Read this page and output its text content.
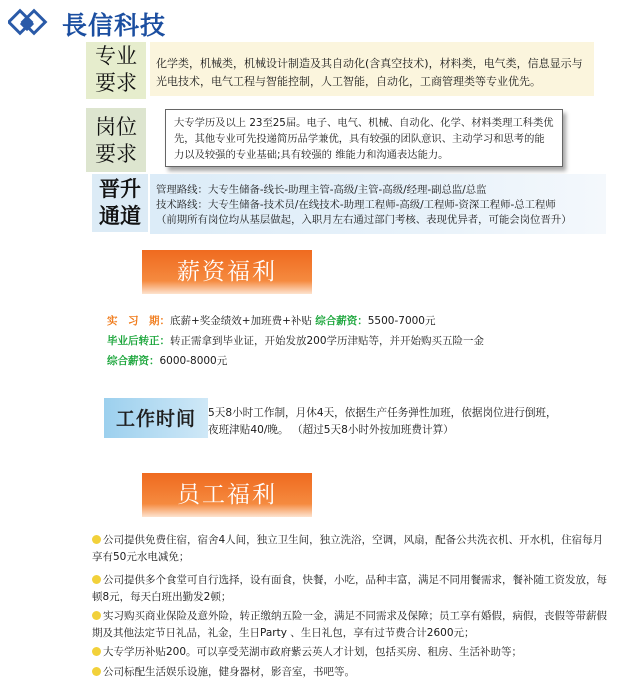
長信科技
专业
要求
化学类，机械类，机械设计制造及其自动化(含真空技术)，材料类，电气类，信息显示与光电技术，电气工程与智能控制，人工智能，自动化，工商管理类等专业优先。
岗位
要求
大专学历及以上 23至25届。电子、电气、机械、自动化、化学、材料类理工科类优先，其他专业可先投递简历品学兼优，具有较强的团队意识、主动学习和思考的能力以及较强的专业基础;具有较强的 维能力和沟通表达能力。
晋升
通道
管理路线：大专生储备-线长-助理主管-高级/主管-高级/经理-副总监/总监
技术路线：大专生储备-技术员/在线技术-助理工程师-高级/工程师-资深工程师-总工程师
（前期所有岗位均从基层做起，入职月左右通过部门考核、表现优异者，可能会岗位晋升）
薪资福利
实　习　期：底薪+奖金绩效+加班费+补贴 综合薪资：5500-7000元
毕业后转正：转正需拿到毕业证，开始发放200学历津贴等，并开始购买五险一金
综合薪资：6000-8000元
工作时间 5天8小时工作制，月休4天，依据生产任务弹性加班，依据岗位进行倒班，
夜班津贴40/晚。 （超过5天8小时外按加班费计算）
员工福利
公司提供免费住宿，宿舍4人间，独立卫生间，独立洗浴，空调，风扇，配备公共洗衣机、开水机，住宿每月享有50元水电减免；
公司提供多个食堂可自行选择，设有面食，快餐，小吃，品种丰富，满足不同用餐需求，餐补随工资发放，每顿8元，每天白班出勤发2顿；
实习购买商业保险及意外险，转正缴纳五险一金，满足不同需求及保障；员工享有婚假，病假，丧假等带薪假期及其他法定节日礼品，礼金，生日Party 、生日礼包，享有过节费合计2600元；
大专学历补贴200。可以享受芜湖市政府紫云英人才计划，包括买房、租房、生活补助等；
公司标配生活娱乐设施，健身器材，影音室，书吧等。
